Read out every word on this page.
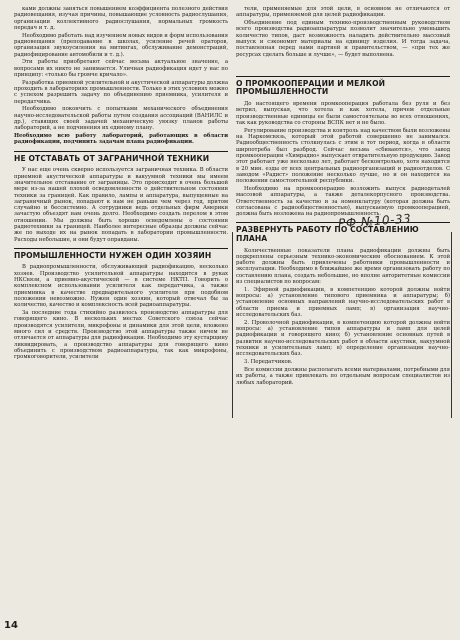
ками должны заняться повышением коэффициента полезного действия радиовещания, изучая причины, повышающие условность радиослушания, организации коллективного радиослушания, нормальных громкость передач и т. д.

Необходимо работать над изучением новых видов и форм использования радиовещания (преподавание в школах, усиление речей ораторов, организация звукоусиления на митингах, обслуживание демонстраций, радиофицирование автомобили и т. д.).

Эти работы приобретают сейчас весьма актуальное значение, а вопросами их никто не занимается. Уличная радиофикация идет у нас по принципу: «только бы громче кричало».

Разработка приемной усилительной и акустической аппаратуры должна проходить в лабораториях промышленности. Только в этих условиях можно с успехом разрешить задачу по объединению приемника, усилителя и передатчика.

Необходимо покончить с попытками механического объединения научно-исследовательской работы путем создания ассоциаций (ВАНИЛС и др.), ставящих своей задачей механическую увязку планов работы лабораторий, а не подчинения их единому плану.

Необходимо всю работу лабораторий, работающих в области радиофикации, подчинить задачам плана радиофикации.

НЕ ОТСТАВАТЬ ОТ ЗАГРАНИЧНОЙ ТЕХНИКИ

У нас еще очень скверно используется заграничная техника. В области приемной акустической аппаратуры и вакуумной техники мы имеем значительное отставание от заграницы. Это происходит в очень большой мере из-за нашей плохой осведомленности о действительном состоянии техники за границей. Как правило, лампы и аппаратура, выпущенные на заграничный рынок, попадают к нам не раньше чем через год, притом случайно и бессистемно. А сотрудники ведь отдельных фирм Америки зачастую объездят нам очень долго. Необходимо создать перелом в этом отношении. Мы должны быть хорошо осведомлены о состоянии радиотехники за границей. Наиболее интересные образцы должны сейчас же по выходе их на рынок попадать в лаборатории промышленности. Расходы небольшие, и они будут оправданы.

ПРОМЫШЛЕННОСТИ НУЖЕН ОДИН ХОЗЯИН

В радиопромышленности, обслуживающей радиофикацию, несколько хозяев. Производство усилительной аппаратуры находится в руках НКСвязи, а приемно-акустической — в системе НКТП. Говорить о комплексном использовании усилителя как передатчика, а также приемника в качестве предварительного усилителя при подобном положении невозможно. Нужен один хозяин, который отвечал бы за количество, качество и комплексность всей радиоаппаратуры.

За последние года стихийно развилось производство аппаратуры для говорящего кино. В нескольких местах Советского союза сейчас производятся усилители, микрофоны и динамики для этой цели, вложено много сил и средств. Производство этой аппаратуры также ничем не отличается от аппаратуры для радиофикации. Необходимо эту кустарщину ликвидировать, а производство аппаратуры для говорящего кино объединить с производством радиоаппаратуры, так как микрофоны, громкоговорители, усилители

тели, применяемые для этой цели, в основном не отличаются от аппаратуры, применяемой для целей радиофикации.

Объединение под единым технико-производственным руководством всего производства радиоаппаратуры позволит значительно уменьшить количество типов, даст возможность наладить действительно массовый выпуск и сэкономит материалы на единицу изделия. И тогда задача, поставленная перед нами партией и правительством, — «при тех же ресурсах сделать больше и лучше», — будет выполнена.

О ПРОМКООПЕРАЦИИ И МЕЛКОЙ ПРОМЫШЛЕННОСТИ

До настоящего времени промкооперация работала без руля и без ветрил, выпуская, что хотела и как хотела, причем отдельные производственные единицы ее были самостоятельны во всех отношениях, так как руководства со стороны ВСПК нет и не было.

Регулирование производства и контроль над качеством были возложены на Наркомсвязь, который этой работой совершенно не занимался. Радиообщественность столкнулась с этим в тот период, когда в области ширпотреба был разброд. Сейчас весьма «сбиваются», что завод промкооперации «Химрадио» выпускает отвратительную продукцию. Завод этот работает уже несколько лет, работает бесконтрольно, хотя находится в 20 мин. езды от всех центральных радиоорганизаций и радиоотделов. С заводом «Радист» положение несколько лучше, но и он находится на положении самостоятельной республики.

Необходимо на промкооперацию возложить выпуск радиодеталей массовой аппаратуры, а также деталекорпусного производства. Ответственность за качество и за номенклатуру (которая должна быть согласована с радиообщественностью), выпускаемую промкооперацией, должна быть возложена на радиопромышленность.

РАЗВЕРНУТЬ РАБОТУ ПО СОСТАВЛЕНИЮ ПЛАНА

Количественные показатели плана радиофикации должны быть подкреплены серьезным технико-экономическим обоснованием. К этой работе должны быть привлечены работники промышленности и эксплуатации. Необходимо в ближайшее же время организовать работу по составлению плана, создать небольшие, но вполне авторитетные комиссии из специалистов по вопросам:

1. Эфирной радиофикации, в компетенцию которой должны войти вопросы: а) установление типового приемника и аппаратуры; б) установление основных направлений научно-исследовательских работ в области приема и приемных ламп; в) организация научно-исследовательских баз.

2. Проволочной радиофикации, в компетенцию которой должны войти вопросы: а) установление типов аппаратуры и ламп для целей радиофикации и говорящего кино; б) установление основных путей в развитии научно-исследовательских работ в области акустики, вакуумной техники и усилительных ламп; в) определение организации научно-исследовательских баз.

3. Передатчиков.

Все комиссии должны располагать всеми материалами, потребными для их работы, а также привлекать по отдельным вопросам специалистов из любых лабораторий.

РФ №10-33
14
